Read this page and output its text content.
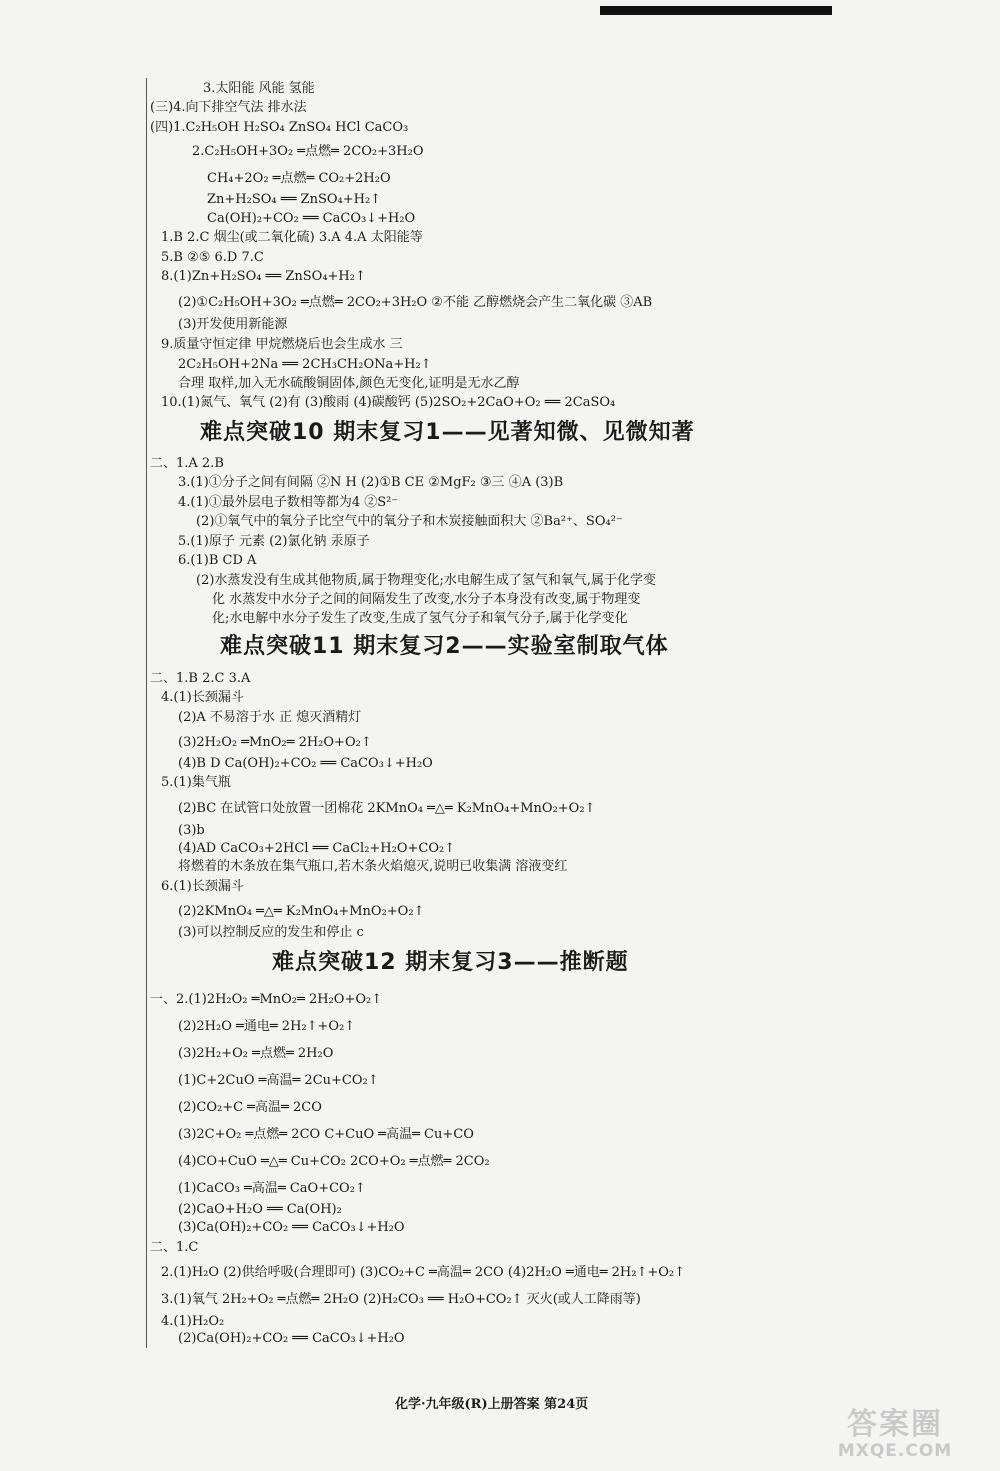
3.太阳能 风能 氢能
(三)4.向下排空气法 排水法
(四)1.C₂H₅OH H₂SO₄ ZnSO₄ HCl CaCO₃
2.C₂H₅OH+3O₂ ═点燃═ 2CO₂+3H₂O
CH₄+2O₂ ═点燃═ CO₂+2H₂O
Zn+H₂SO₄ ══ ZnSO₄+H₂↑
Ca(OH)₂+CO₂ ══ CaCO₃↓+H₂O
1.B 2.C 烟尘(或二氧化硫) 3.A 4.A 太阳能等
5.B ②⑤ 6.D 7.C
8.(1)Zn+H₂SO₄ ══ ZnSO₄+H₂↑
(2)①C₂H₅OH+3O₂ ═点燃═ 2CO₂+3H₂O ②不能 乙醇燃烧会产生二氧化碳 ③AB
(3)开发使用新能源
9.质量守恒定律 甲烷燃烧后也会生成水 三
2C₂H₅OH+2Na ══ 2CH₃CH₂ONa+H₂↑
合理 取样,加入无水硫酸铜固体,颜色无变化,证明是无水乙醇
10.(1)氮气、氧气 (2)有 (3)酸雨 (4)碳酸钙 (5)2SO₂+2CaO+O₂ ══ 2CaSO₄
二、1.A 2.B
3.(1)①分子之间有间隔 ②N H (2)①B CE ②MgF₂ ③三 ④A (3)B
4.(1)①最外层电子数相等都为4 ②S²⁻
(2)①氧气中的氧分子比空气中的氧分子和木炭接触面积大 ②Ba²⁺、SO₄²⁻
5.(1)原子 元素 (2)氯化钠 汞原子
6.(1)B CD A
(2)水蒸发没有生成其他物质,属于物理变化;水电解生成了氢气和氧气,属于化学变
化 水蒸发中水分子之间的间隔发生了改变,水分子本身没有改变,属于物理变
化;水电解中水分子发生了改变,生成了氢气分子和氧气分子,属于化学变化
二、1.B 2.C 3.A
4.(1)长颈漏斗
(2)A 不易溶于水 正 熄灭酒精灯
(3)2H₂O₂ ═MnO₂═ 2H₂O+O₂↑
(4)B D Ca(OH)₂+CO₂ ══ CaCO₃↓+H₂O
5.(1)集气瓶
(2)BC 在试管口处放置一团棉花 2KMnO₄ ═△═ K₂MnO₄+MnO₂+O₂↑
(3)b
(4)AD CaCO₃+2HCl ══ CaCl₂+H₂O+CO₂↑
将燃着的木条放在集气瓶口,若木条火焰熄灭,说明已收集满 溶液变红
6.(1)长颈漏斗
(2)2KMnO₄ ═△═ K₂MnO₄+MnO₂+O₂↑
(3)可以控制反应的发生和停止 c
一、2.(1)2H₂O₂ ═MnO₂═ 2H₂O+O₂↑
(2)2H₂O ═通电═ 2H₂↑+O₂↑
(3)2H₂+O₂ ═点燃═ 2H₂O
(1)C+2CuO ═高温═ 2Cu+CO₂↑
(2)CO₂+C ═高温═ 2CO
(3)2C+O₂ ═点燃═ 2CO C+CuO ═高温═ Cu+CO
(4)CO+CuO ═△═ Cu+CO₂ 2CO+O₂ ═点燃═ 2CO₂
(1)CaCO₃ ═高温═ CaO+CO₂↑
(2)CaO+H₂O ══ Ca(OH)₂
(3)Ca(OH)₂+CO₂ ══ CaCO₃↓+H₂O
二、1.C
2.(1)H₂O (2)供给呼吸(合理即可) (3)CO₂+C ═高温═ 2CO (4)2H₂O ═通电═ 2H₂↑+O₂↑
3.(1)氧气 2H₂+O₂ ═点燃═ 2H₂O (2)H₂CO₃ ══ H₂O+CO₂↑ 灭火(或人工降雨等)
4.(1)H₂O₂
(2)Ca(OH)₂+CO₂ ══ CaCO₃↓+H₂O
难点突破10 期末复习1——见著知微、见微知著
难点突破11 期末复习2——实验室制取气体
难点突破12 期末复习3——推断题
化学·九年级(R)上册答案 第24页
答案圈
MXQE.COM
